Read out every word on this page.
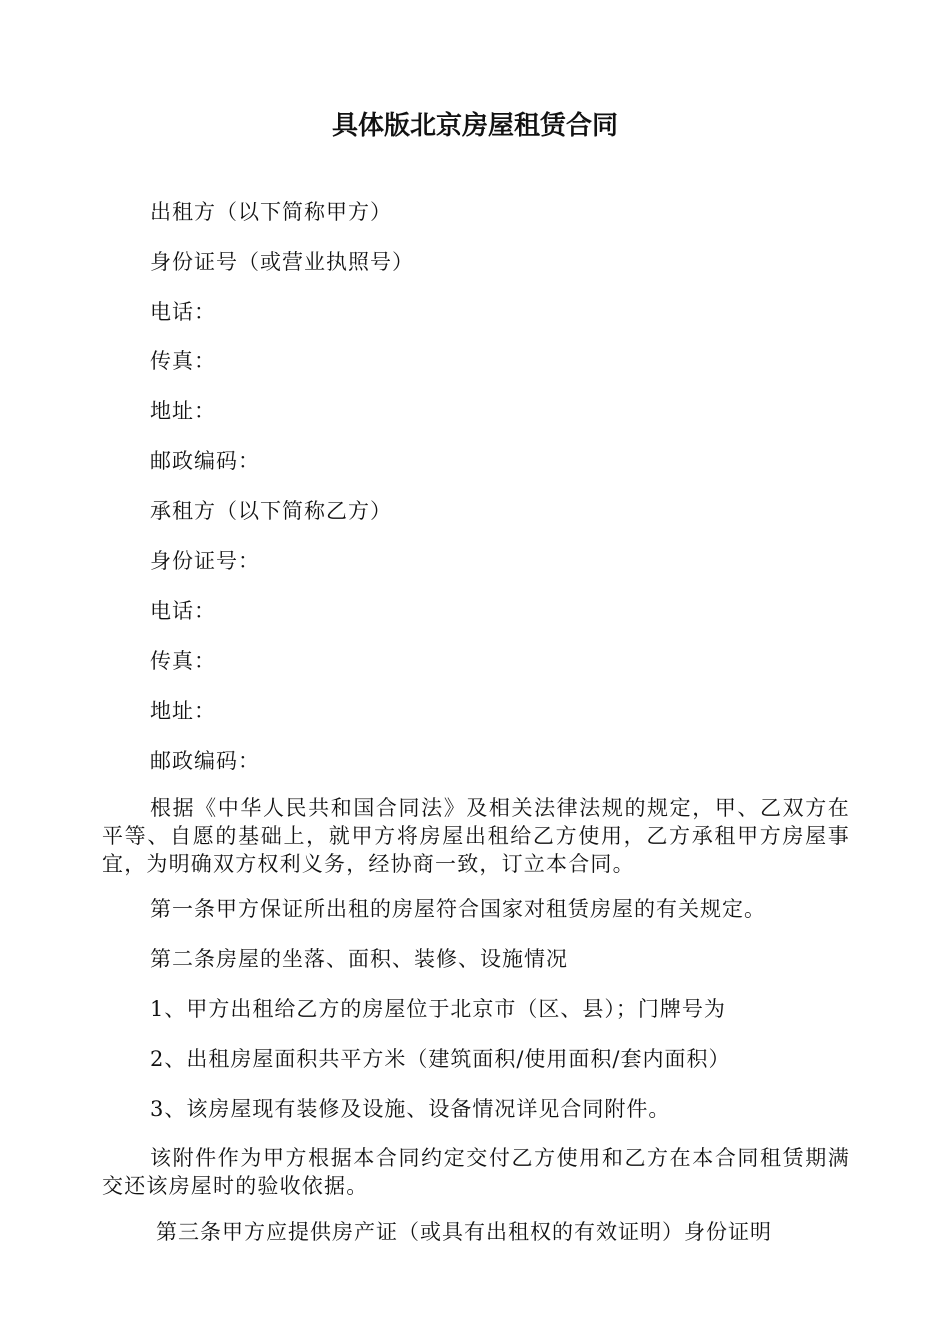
具体版北京房屋租赁合同
出租方（以下简称甲方）
身份证号（或营业执照号）
电话：
传真：
地址：
邮政编码：
承租方（以下简称乙方）
身份证号：
电话：
传真：
地址：
邮政编码：
根据《中华人民共和国合同法》及相关法律法规的规定，甲、乙双方在平等、自愿的基础上，就甲方将房屋出租给乙方使用，乙方承租甲方房屋事宜，为明确双方权利义务，经协商一致，订立本合同。
第一条甲方保证所出租的房屋符合国家对租赁房屋的有关规定。
第二条房屋的坐落、面积、装修、设施情况
1、甲方出租给乙方的房屋位于北京市（区、县）；门牌号为
2、出租房屋面积共平方米（建筑面积/使用面积/套内面积）
3、该房屋现有装修及设施、设备情况详见合同附件。
该附件作为甲方根据本合同约定交付乙方使用和乙方在本合同租赁期满交还该房屋时的验收依据。
第三条甲方应提供房产证（或具有出租权的有效证明）身份证明
